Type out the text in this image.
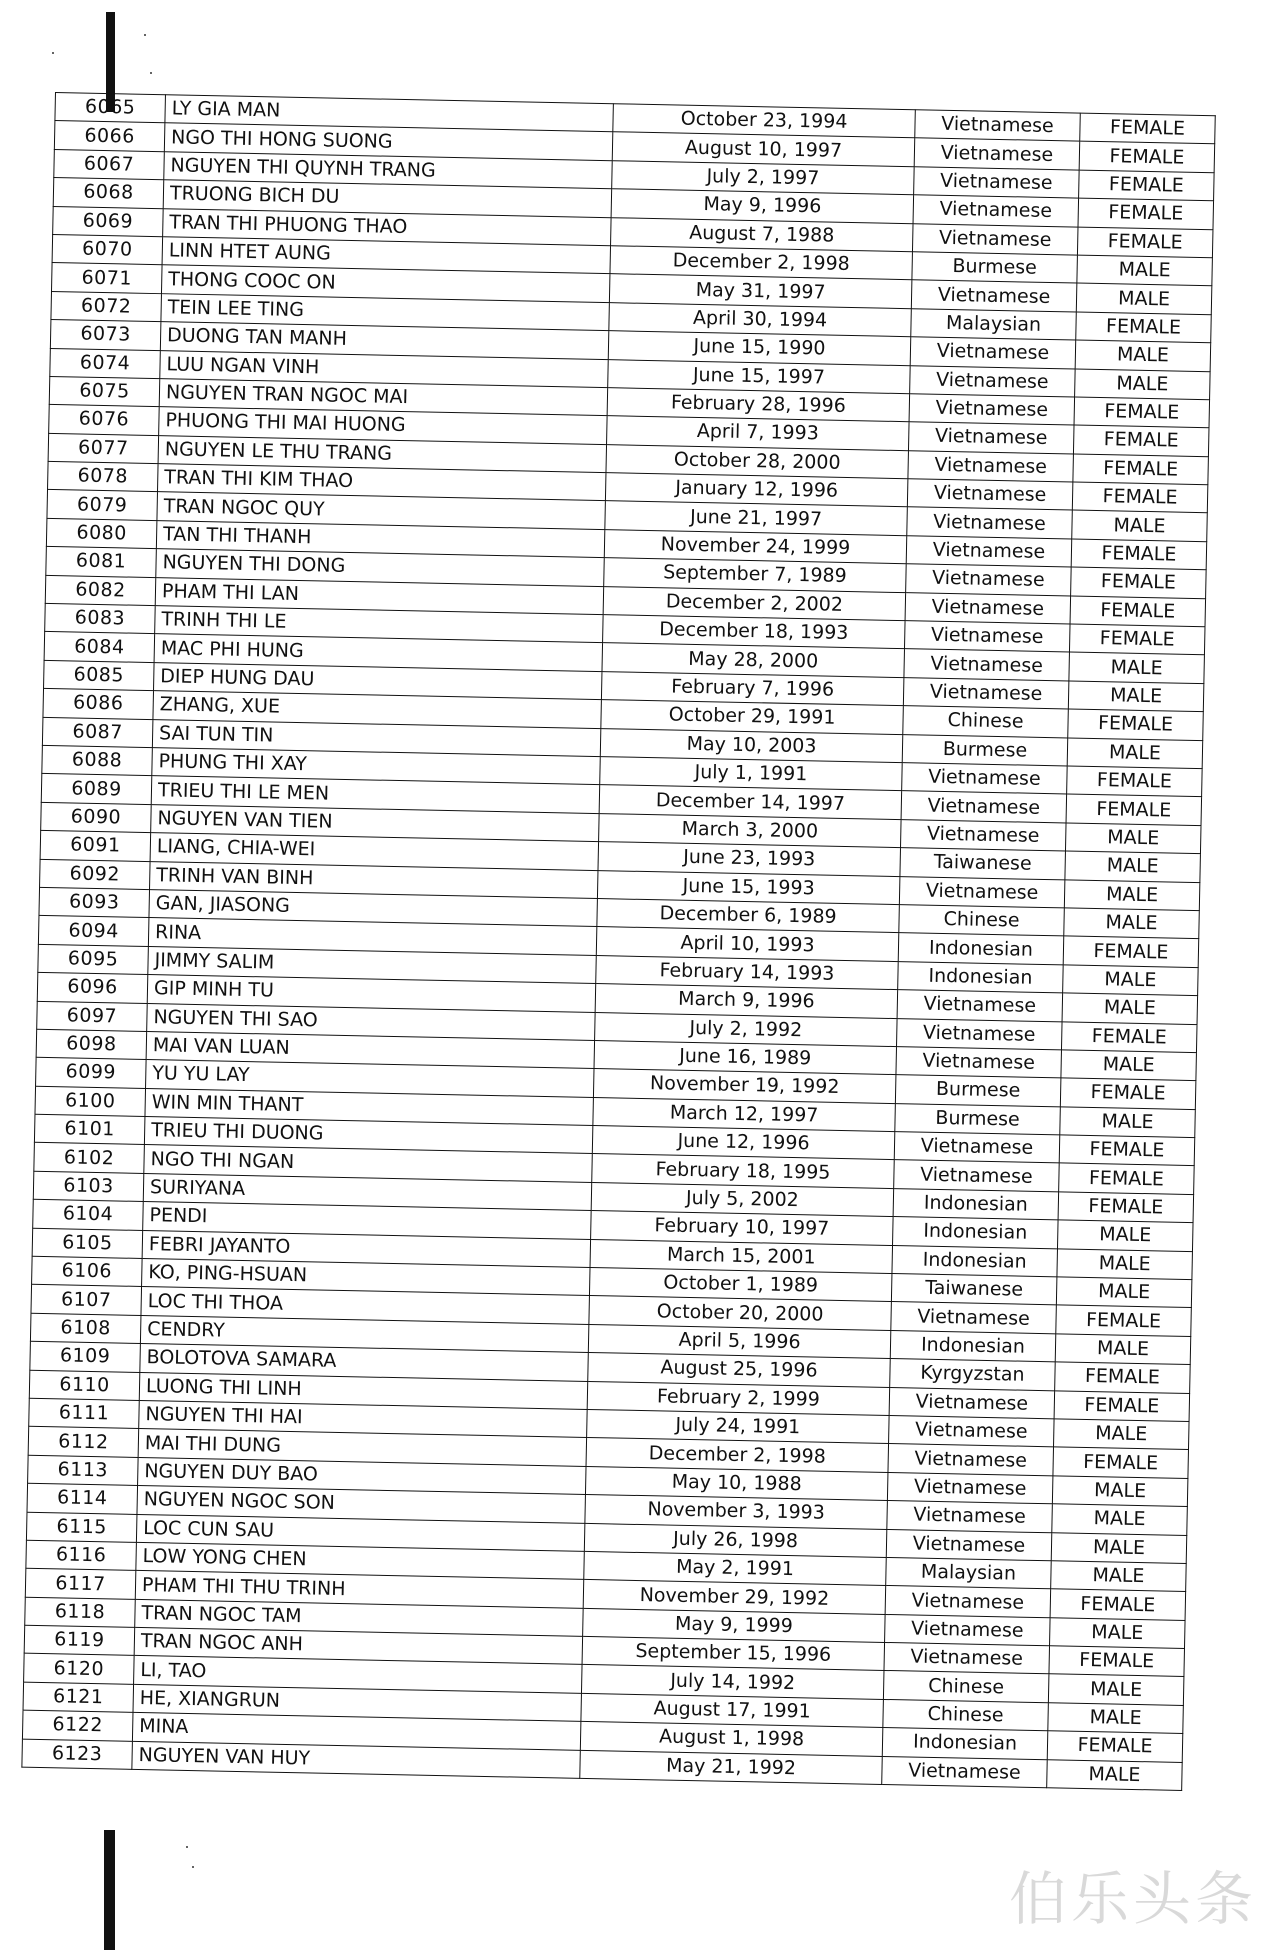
6065	LY GIA MAN	October 23, 1994	Vietnamese	FEMALE
6066	NGO THI HONG SUONG	August 10, 1997	Vietnamese	FEMALE
6067	NGUYEN THI QUYNH TRANG	July 2, 1997	Vietnamese	FEMALE
6068	TRUONG BICH DU	May 9, 1996	Vietnamese	FEMALE
6069	TRAN THI PHUONG THAO	August 7, 1988	Vietnamese	FEMALE
6070	LINN HTET AUNG	December 2, 1998	Burmese	MALE
6071	THONG COOC ON	May 31, 1997	Vietnamese	MALE
6072	TEIN LEE TING	April 30, 1994	Malaysian	FEMALE
6073	DUONG TAN MANH	June 15, 1990	Vietnamese	MALE
6074	LUU NGAN VINH	June 15, 1997	Vietnamese	MALE
6075	NGUYEN TRAN NGOC MAI	February 28, 1996	Vietnamese	FEMALE
6076	PHUONG THI MAI HUONG	April 7, 1993	Vietnamese	FEMALE
6077	NGUYEN LE THU TRANG	October 28, 2000	Vietnamese	FEMALE
6078	TRAN THI KIM THAO	January 12, 1996	Vietnamese	FEMALE
6079	TRAN NGOC QUY	June 21, 1997	Vietnamese	MALE
6080	TAN THI THANH	November 24, 1999	Vietnamese	FEMALE
6081	NGUYEN THI DONG	September 7, 1989	Vietnamese	FEMALE
6082	PHAM THI LAN	December 2, 2002	Vietnamese	FEMALE
6083	TRINH THI LE	December 18, 1993	Vietnamese	FEMALE
6084	MAC PHI HUNG	May 28, 2000	Vietnamese	MALE
6085	DIEP HUNG DAU	February 7, 1996	Vietnamese	MALE
6086	ZHANG, XUE	October 29, 1991	Chinese	FEMALE
6087	SAI TUN TIN	May 10, 2003	Burmese	MALE
6088	PHUNG THI XAY	July 1, 1991	Vietnamese	FEMALE
6089	TRIEU THI LE MEN	December 14, 1997	Vietnamese	FEMALE
6090	NGUYEN VAN TIEN	March 3, 2000	Vietnamese	MALE
6091	LIANG, CHIA-WEI	June 23, 1993	Taiwanese	MALE
6092	TRINH VAN BINH	June 15, 1993	Vietnamese	MALE
6093	GAN, JIASONG	December 6, 1989	Chinese	MALE
6094	RINA	April 10, 1993	Indonesian	FEMALE
6095	JIMMY SALIM	February 14, 1993	Indonesian	MALE
6096	GIP MINH TU	March 9, 1996	Vietnamese	MALE
6097	NGUYEN THI SAO	July 2, 1992	Vietnamese	FEMALE
6098	MAI VAN LUAN	June 16, 1989	Vietnamese	MALE
6099	YU YU LAY	November 19, 1992	Burmese	FEMALE
6100	WIN MIN THANT	March 12, 1997	Burmese	MALE
6101	TRIEU THI DUONG	June 12, 1996	Vietnamese	FEMALE
6102	NGO THI NGAN	February 18, 1995	Vietnamese	FEMALE
6103	SURIYANA	July 5, 2002	Indonesian	FEMALE
6104	PENDI	February 10, 1997	Indonesian	MALE
6105	FEBRI JAYANTO	March 15, 2001	Indonesian	MALE
6106	KO, PING-HSUAN	October 1, 1989	Taiwanese	MALE
6107	LOC THI THOA	October 20, 2000	Vietnamese	FEMALE
6108	CENDRY	April 5, 1996	Indonesian	MALE
6109	BOLOTOVA SAMARA	August 25, 1996	Kyrgyzstan	FEMALE
6110	LUONG THI LINH	February 2, 1999	Vietnamese	FEMALE
6111	NGUYEN THI HAI	July 24, 1991	Vietnamese	MALE
6112	MAI THI DUNG	December 2, 1998	Vietnamese	FEMALE
6113	NGUYEN DUY BAO	May 10, 1988	Vietnamese	MALE
6114	NGUYEN NGOC SON	November 3, 1993	Vietnamese	MALE
6115	LOC CUN SAU	July 26, 1998	Vietnamese	MALE
6116	LOW YONG CHEN	May 2, 1991	Malaysian	MALE
6117	PHAM THI THU TRINH	November 29, 1992	Vietnamese	FEMALE
6118	TRAN NGOC TAM	May 9, 1999	Vietnamese	MALE
6119	TRAN NGOC ANH	September 15, 1996	Vietnamese	FEMALE
6120	LI, TAO	July 14, 1992	Chinese	MALE
6121	HE, XIANGRUN	August 17, 1991	Chinese	MALE
6122	MINA	August 1, 1998	Indonesian	FEMALE
6123	NGUYEN VAN HUY	May 21, 1992	Vietnamese	MALE
伯乐头条
